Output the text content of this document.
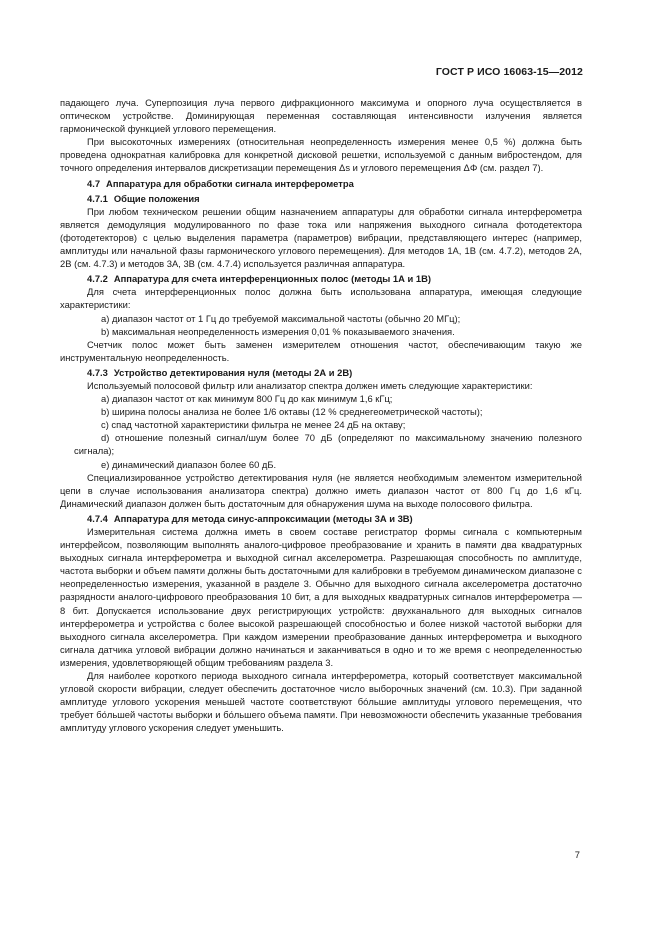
ГОСТ Р ИСО 16063-15—2012

падающего луча. Суперпозиция луча первого дифракционного максимума и опорного луча осуществляется в оптическом устройстве. Доминирующая переменная составляющая интенсивности излучения является гармонической функцией углового перемещения.

При высокоточных измерениях (относительная неопределенность измерения менее 0,5 %) должна быть проведена однократная калибровка для конкретной дисковой решетки, используемой с данным вибростендом, для точного определения интервалов дискретизации перемещения Δs и углового перемещения ΔΦ (см. раздел 7).

4.7 Аппаратура для обработки сигнала интерферометра

4.7.1 Общие положения

При любом техническом решении общим назначением аппаратуры для обработки сигнала интерферометра является демодуляция модулированного по фазе тока или напряжения выходного сигнала фотодетектора (фотодетекторов) с целью выделения параметра (параметров) вибрации, представляющего интерес (например, амплитуды или начальной фазы гармонического углового перемещения). Для методов 1А, 1В (см. 4.7.2), методов 2А, 2В (см. 4.7.3) и методов 3А, 3В (см. 4.7.4) используется различная аппаратура.

4.7.2 Аппаратура для счета интерференционных полос (методы 1А и 1В)

Для счета интерференционных полос должна быть использована аппаратура, имеющая следующие характеристики:

a) диапазон частот от 1 Гц до требуемой максимальной частоты (обычно 20 МГц);

b) максимальная неопределенность измерения 0,01 % показываемого значения.

Счетчик полос может быть заменен измерителем отношения частот, обеспечивающим такую же инструментальную неопределенность.

4.7.3 Устройство детектирования нуля (методы 2А и 2В)

Используемый полосовой фильтр или анализатор спектра должен иметь следующие характеристики:

a) диапазон частот от как минимум 800 Гц до как минимум 1,6 кГц;

b) ширина полосы анализа не более 1/6 октавы (12 % среднегеометрической частоты);

c) спад частотной характеристики фильтра не менее 24 дБ на октаву;

d) отношение полезный сигнал/шум более 70 дБ (определяют по максимальному значению полезного сигнала);

e) динамический диапазон более 60 дБ.

Специализированное устройство детектирования нуля (не является необходимым элементом измерительной цепи в случае использования анализатора спектра) должно иметь диапазон частот от 800 Гц до 1,6 кГц. Динамический диапазон должен быть достаточным для обнаружения шума на выходе полосового фильтра.

4.7.4 Аппаратура для метода синус-аппроксимации (методы 3А и 3В)

Измерительная система должна иметь в своем составе регистратор формы сигнала с компьютерным интерфейсом, позволяющим выполнять аналого-цифровое преобразование и хранить в памяти два квадратурных выходных сигнала интерферометра и выходной сигнал акселерометра. Разрешающая способность по амплитуде, частота выборки и объем памяти должны быть достаточными для калибровки в требуемом динамическом диапазоне с неопределенностью измерения, указанной в разделе 3. Обычно для выходного сигнала акселерометра достаточно разрядности аналого-цифрового преобразования 10 бит, а для выходных квадратурных сигналов интерферометра — 8 бит. Допускается использование двух регистрирующих устройств: двухканального для выходных сигналов интерферометра и устройства с более высокой разрешающей способностью и более низкой частотой выборки для выходного сигнала акселерометра. При каждом измерении преобразование данных интерферометра и выходного сигнала датчика угловой вибрации должно начинаться и заканчиваться в одно и то же время с неопределенностью измерения, удовлетворяющей общим требованиям раздела 3.

Для наиболее короткого периода выходного сигнала интерферометра, который соответствует максимальной угловой скорости вибрации, следует обеспечить достаточное число выборочных значений (см. 10.3). При заданной амплитуде углового ускорения меньшей частоте соответствуют бо́льшие амплитуды углового перемещения, что требует бо́льшей частоты выборки и бо́льшего объема памяти. При невозможности обеспечить указанные требования амплитуду углового ускорения следует уменьшить.

7
